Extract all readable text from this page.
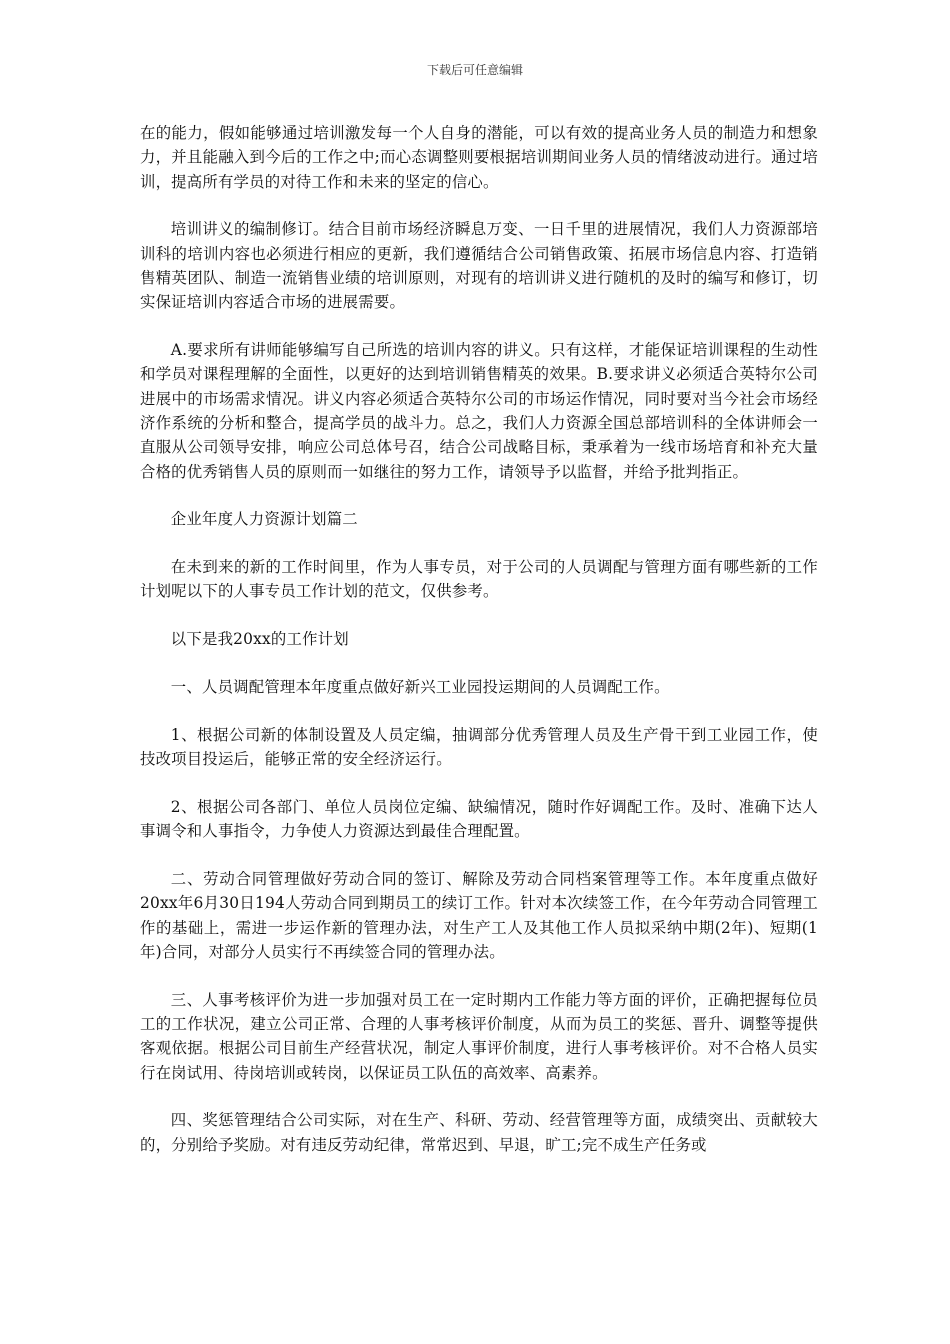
下载后可任意编辑

在的能力，假如能够通过培训激发每一个人自身的潜能，可以有效的提高业务人员的制造力和想象力，并且能融入到今后的工作之中;而心态调整则要根据培训期间业务人员的情绪波动进行。通过培训，提高所有学员的对待工作和未来的坚定的信心。

培训讲义的编制修订。结合目前市场经济瞬息万变、一日千里的进展情况，我们人力资源部培训科的培训内容也必须进行相应的更新，我们遵循结合公司销售政策、拓展市场信息内容、打造销售精英团队、制造一流销售业绩的培训原则，对现有的培训讲义进行随机的及时的编写和修订，切实保证培训内容适合市场的进展需要。

A.要求所有讲师能够编写自己所选的培训内容的讲义。只有这样，才能保证培训课程的生动性和学员对课程理解的全面性，以更好的达到培训销售精英的效果。B.要求讲义必须适合英特尔公司进展中的市场需求情况。讲义内容必须适合英特尔公司的市场运作情况，同时要对当今社会市场经济作系统的分析和整合，提高学员的战斗力。总之，我们人力资源全国总部培训科的全体讲师会一直服从公司领导安排，响应公司总体号召，结合公司战略目标，秉承着为一线市场培育和补充大量合格的优秀销售人员的原则而一如继往的努力工作，请领导予以监督，并给予批判指正。

企业年度人力资源计划篇二

在未到来的新的工作时间里，作为人事专员，对于公司的人员调配与管理方面有哪些新的工作计划呢以下的人事专员工作计划的范文，仅供参考。

以下是我20xx的工作计划

一、人员调配管理本年度重点做好新兴工业园投运期间的人员调配工作。

1、根据公司新的体制设置及人员定编，抽调部分优秀管理人员及生产骨干到工业园工作，使技改项目投运后，能够正常的安全经济运行。

2、根据公司各部门、单位人员岗位定编、缺编情况，随时作好调配工作。及时、准确下达人事调令和人事指令，力争使人力资源达到最佳合理配置。

二、劳动合同管理做好劳动合同的签订、解除及劳动合同档案管理等工作。本年度重点做好20xx年6月30日194人劳动合同到期员工的续订工作。针对本次续签工作，在今年劳动合同管理工作的基础上，需进一步运作新的管理办法，对生产工人及其他工作人员拟采纳中期(2年)、短期(1年)合同，对部分人员实行不再续签合同的管理办法。

三、人事考核评价为进一步加强对员工在一定时期内工作能力等方面的评价，正确把握每位员工的工作状况，建立公司正常、合理的人事考核评价制度，从而为员工的奖惩、晋升、调整等提供客观依据。根据公司目前生产经营状况，制定人事评价制度，进行人事考核评价。对不合格人员实行在岗试用、待岗培训或转岗，以保证员工队伍的高效率、高素养。

四、奖惩管理结合公司实际，对在生产、科研、劳动、经营管理等方面，成绩突出、贡献较大的，分别给予奖励。对有违反劳动纪律，常常迟到、早退，旷工;完不成生产任务或
